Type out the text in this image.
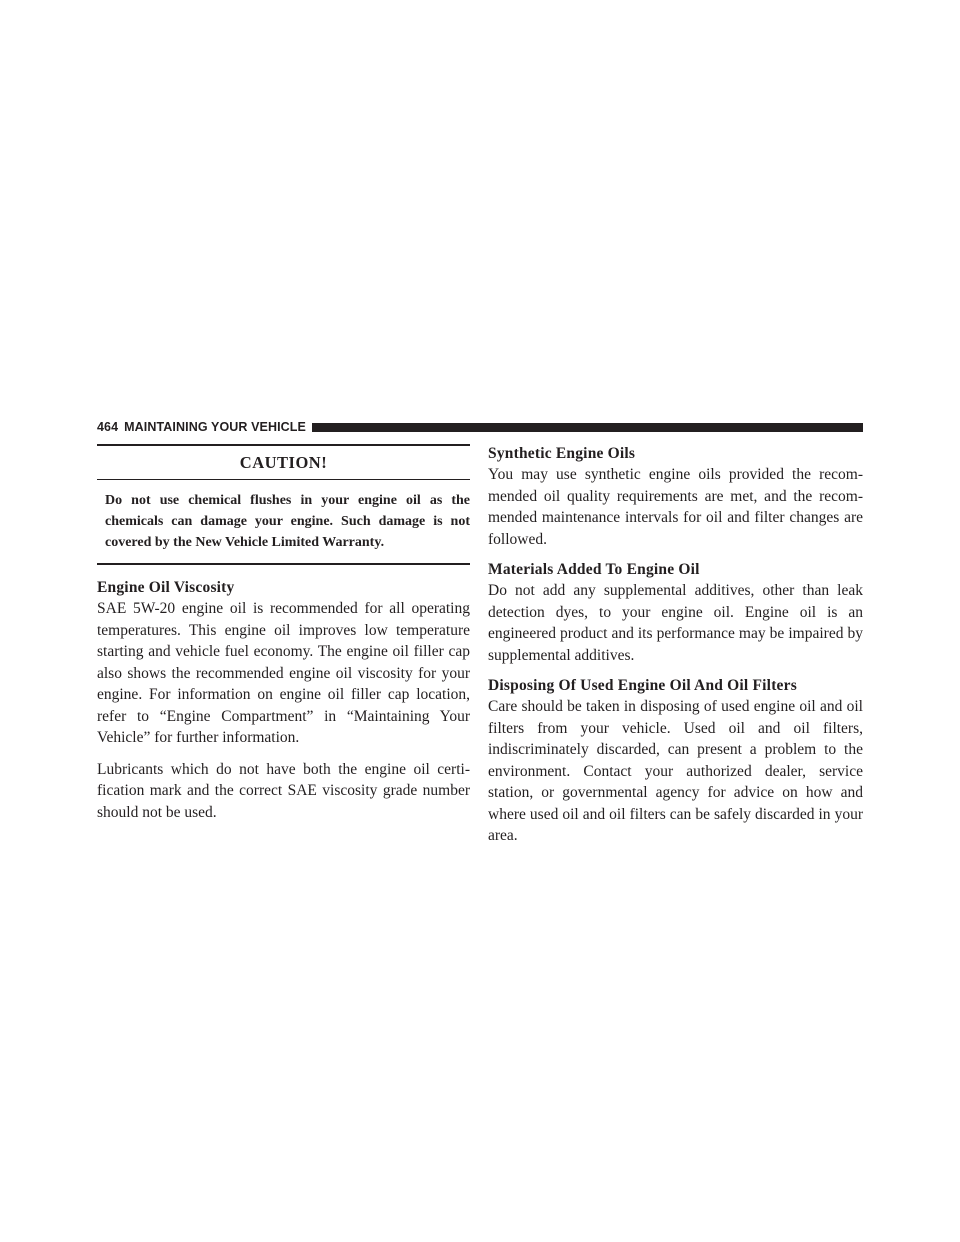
464 MAINTAINING YOUR VEHICLE
CAUTION!
Do not use chemical flushes in your engine oil as the chemicals can damage your engine. Such damage is not covered by the New Vehicle Limited Warranty.
Engine Oil Viscosity

SAE 5W-20 engine oil is recommended for all operating temperatures. This engine oil improves low temperature starting and vehicle fuel economy. The engine oil filler cap also shows the recommended engine oil viscosity for your engine. For information on engine oil filler cap location, refer to “Engine Compartment” in “Maintaining Your Vehicle” for further information.

Lubricants which do not have both the engine oil certification mark and the correct SAE viscosity grade number should not be used.

Synthetic Engine Oils

You may use synthetic engine oils provided the recommended oil quality requirements are met, and the recommended maintenance intervals for oil and filter changes are followed.

Materials Added To Engine Oil

Do not add any supplemental additives, other than leak detection dyes, to your engine oil. Engine oil is an engineered product and its performance may be impaired by supplemental additives.

Disposing Of Used Engine Oil And Oil Filters

Care should be taken in disposing of used engine oil and oil filters from your vehicle. Used oil and oil filters, indiscriminately discarded, can present a problem to the environment. Contact your authorized dealer, service station, or governmental agency for advice on how and where used oil and oil filters can be safely discarded in your area.
